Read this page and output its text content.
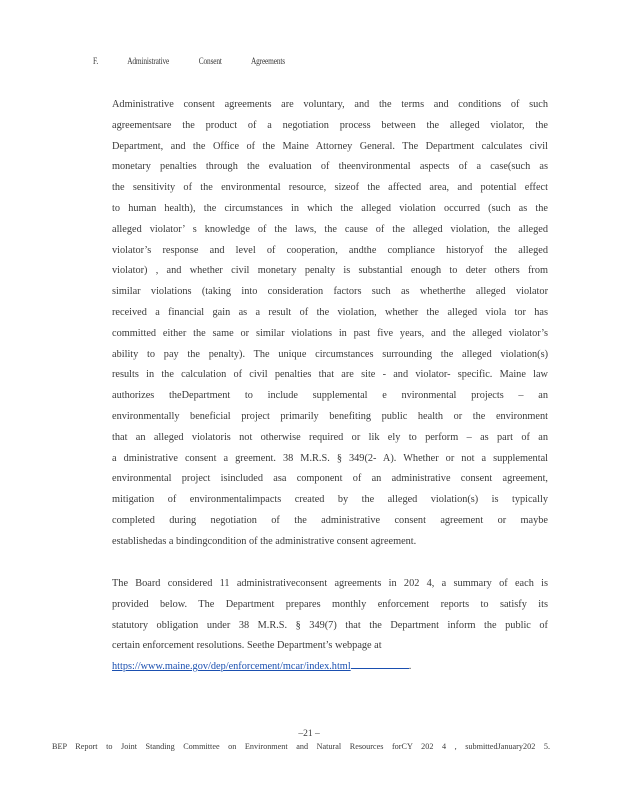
F.	Administrative	Consent	Agreements
Administrative consent agreements are voluntary, and the terms and conditions of such
agreementsare the product of a negotiation process between the alleged violator, the
Department, and the Office of the Maine Attorney General. The Department calculates civil
monetary penalties through the evaluation of theenvironmental aspects of a case(such as
the sensitivity of the environmental resource, sizeof the affected area, and potential effect
to human health), the circumstances in which the alleged violation occurred (such as the
alleged violator’ s knowledge of the laws, the cause of the alleged violation, the alleged
violator’s response and level of cooperation, andthe compliance historyof the alleged
violator) , and whether civil monetary penalty is substantial enough to deter others from
similar violations (taking into consideration factors such as whetherthe alleged violator
received a financial gain as a result of the violation, whether the alleged viola tor has
committed either the same or similar violations in past five years, and the alleged violator’s
ability to pay the penalty). The unique circumstances surrounding the alleged violation(s)
results in the calculation of civil penalties that are site - and violator- specific. Maine law
authorizes theDepartment to include supplemental e nvironmental projects – an
environmentally beneficial project primarily benefiting public health or the environment
that an alleged violatoris not otherwise required or lik ely to perform – as part of an
a dministrative consent a greement. 38 M.R.S. § 349(2- A). Whether or not a supplemental
environmental project isincluded asa component of an administrative consent agreement,
mitigation of environmentalimpacts created by the alleged violation(s) is typically
completed during negotiation of the administrative consent agreement or maybe
establishedas a bindingcondition of the administrative consent agreement.
The Board considered 11 administrativeconsent agreements in 202 4, a summary of each is
provided below. The Department prepares monthly enforcement reports to satisfy its
statutory obligation under 38 M.R.S. § 349(7) that the Department inform the public of
certain enforcement resolutions. Seethe Department’s webpage at
https://www.maine.gov/dep/enforcement/mcar/index.html	.
–21 –
BEP Report to Joint Standing Committee on Environment and Natural Resources forCY 202 4 , submittedJanuary202 5.
